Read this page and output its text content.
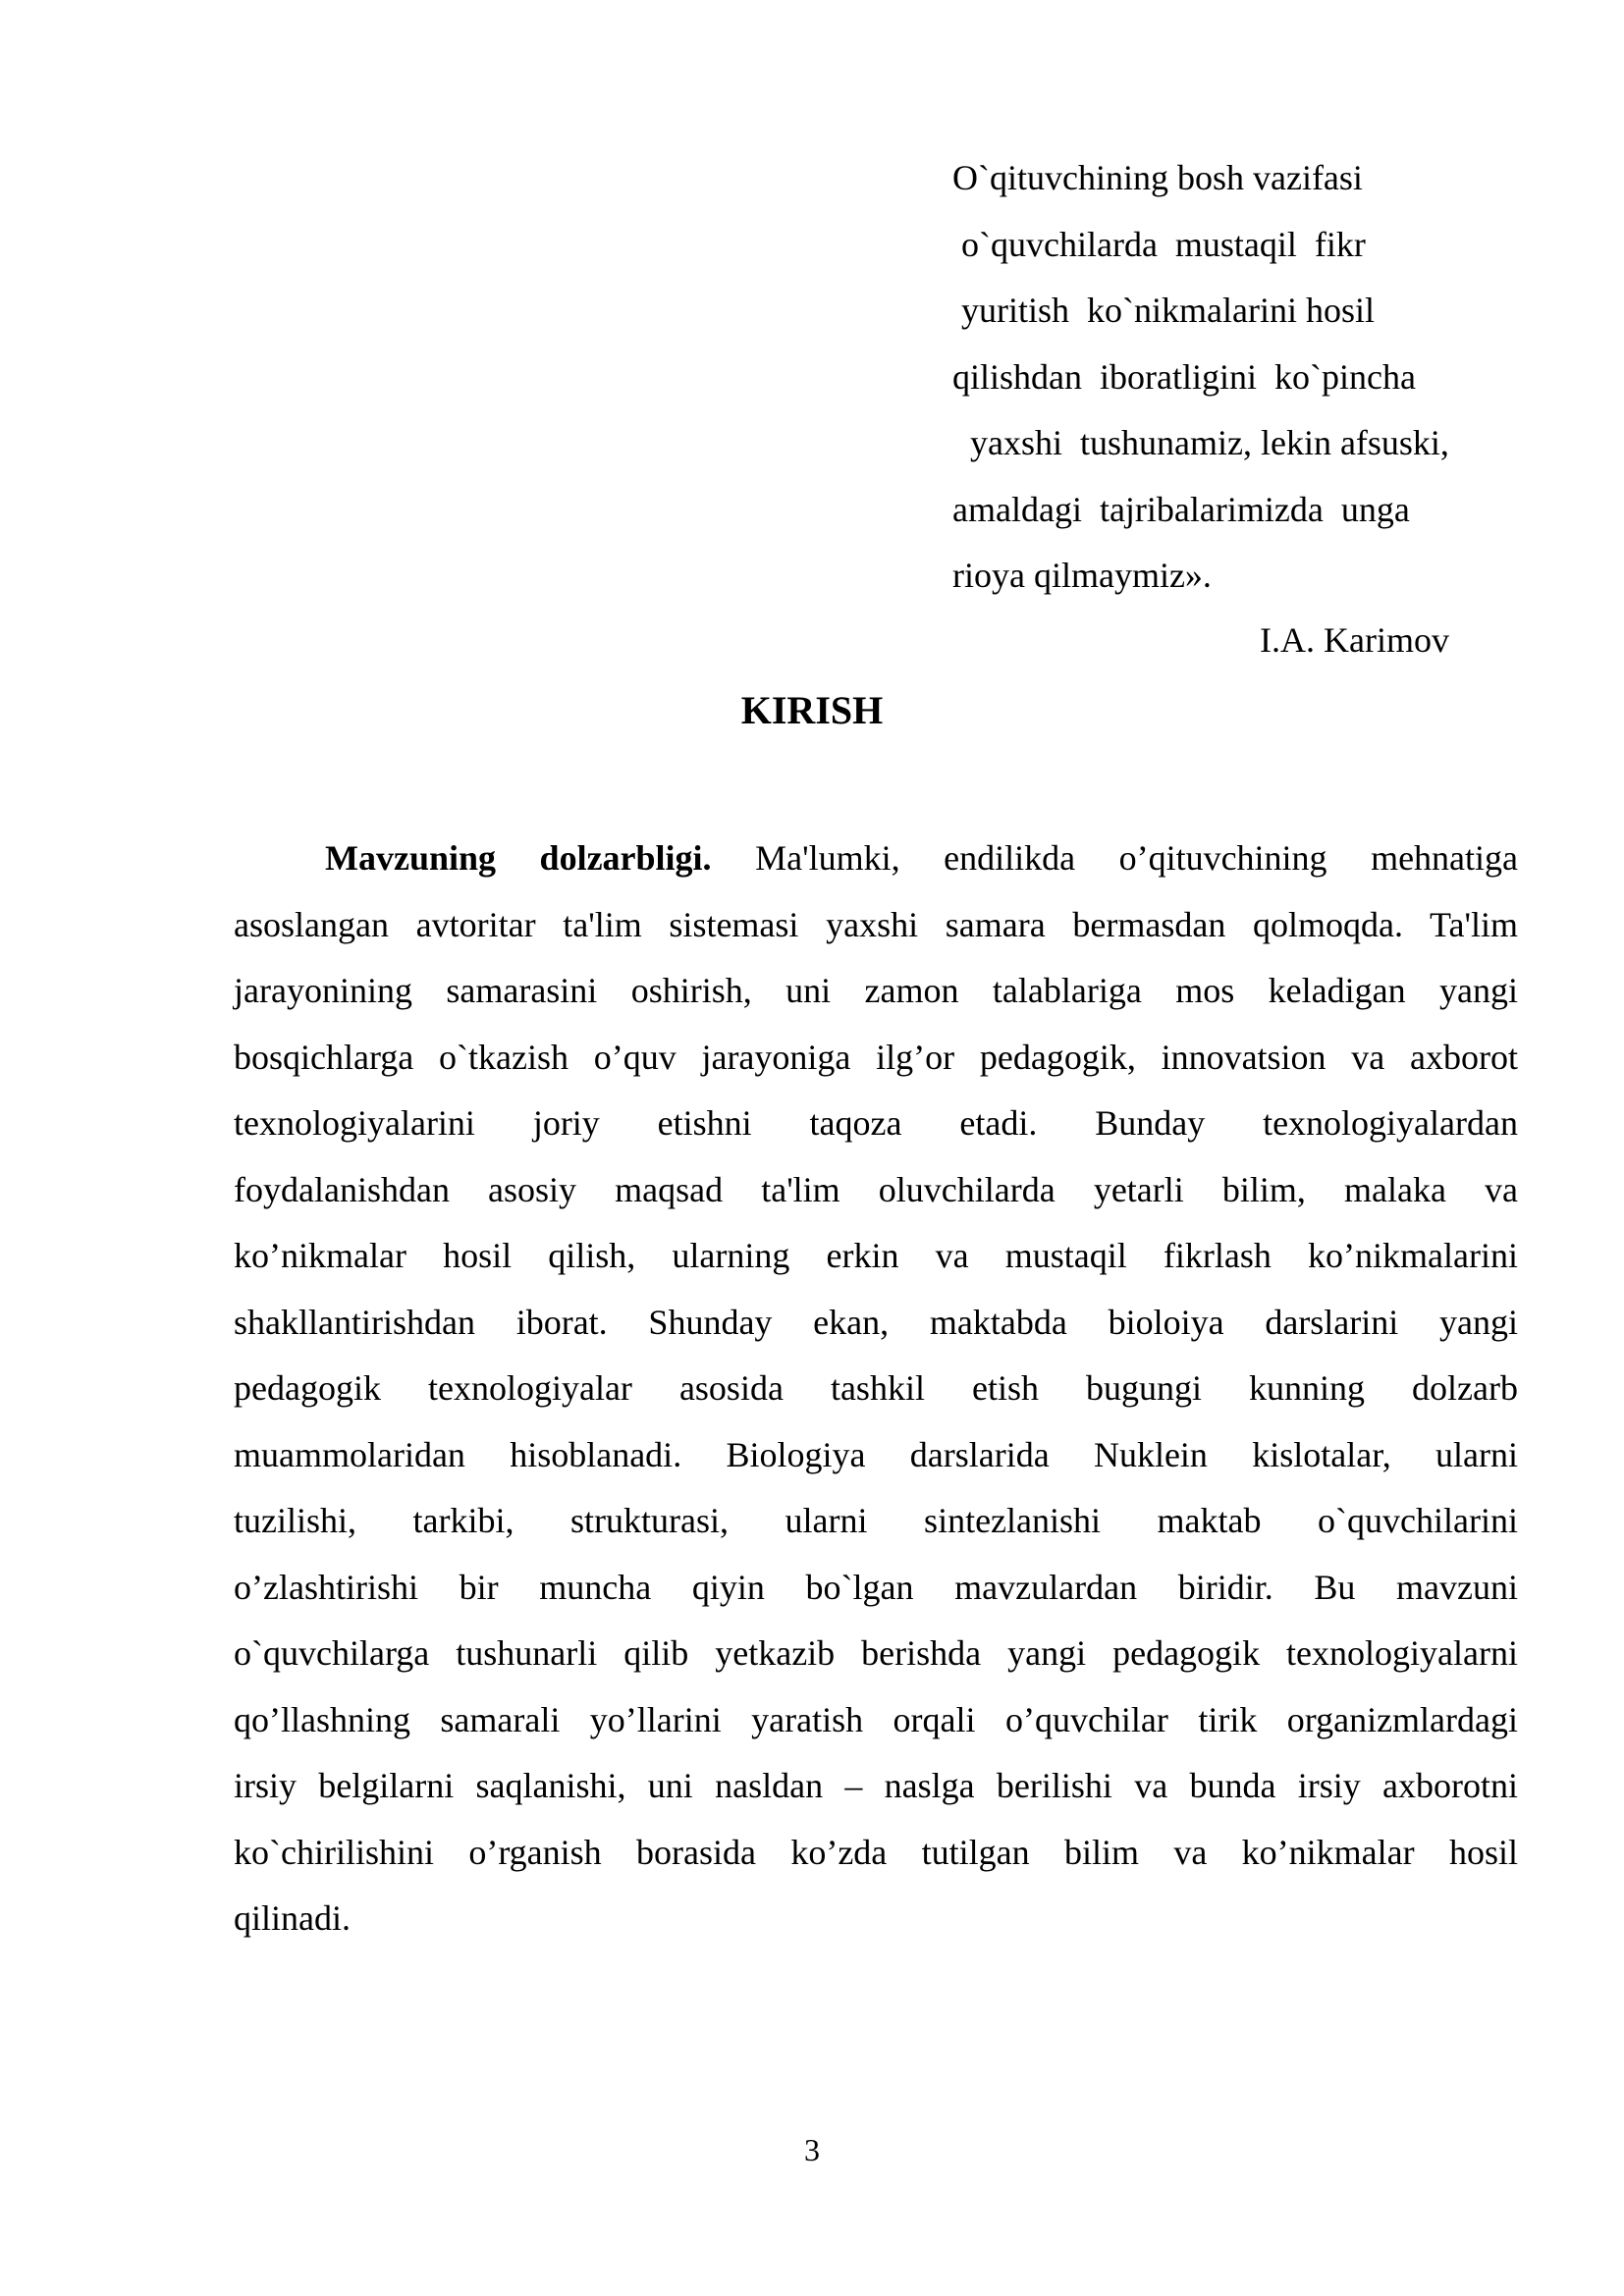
O`qituvchining bosh vazifasi
o`quvchilarda  mustaqil  fikr
yuritish  ko`nikmalarini hosil
qilishdan  iboratligini  ko`pincha
yaxshi  tushunamiz, lekin afsuski,
amaldagi  tajribalarimizda  unga
rioya qilmaymiz».
I.A. Karimov
KIRISH
Mavzuning dolzarbligi. Ma'lumki, endilikda o’qituvchining mehnatiga
asoslangan avtoritar ta'lim sistemasi yaxshi samara bermasdan qolmoqda. Ta'lim
jarayonining samarasini oshirish, uni zamon talablariga mos keladigan yangi
bosqichlarga o`tkazish o’quv jarayoniga ilg’or pedagogik, innovatsion va axborot
texnologiyalarini joriy etishni taqoza etadi. Bunday texnologiyalardan
foydalanishdan asosiy maqsad ta'lim oluvchilarda yetarli bilim, malaka va
ko’nikmalar hosil qilish, ularning erkin va mustaqil fikrlash ko’nikmalarini
shakllantirishdan iborat. Shunday ekan, maktabda bioloiya darslarini yangi
pedagogik texnologiyalar asosida tashkil etish bugungi kunning dolzarb
muammolaridan hisoblanadi. Biologiya darslarida Nuklein kislotalar, ularni
tuzilishi, tarkibi, strukturasi, ularni sintezlanishi maktab o`quvchilarini
o’zlashtirishi bir muncha qiyin bo`lgan mavzulardan biridir. Bu mavzuni
o`quvchilarga tushunarli qilib yetkazib berishda yangi pedagogik texnologiyalarni
qo’llashning samarali yo’llarini yaratish orqali o’quvchilar tirik organizmlardagi
irsiy belgilarni saqlanishi, uni nasldan – naslga berilishi va bunda irsiy axborotni
ko`chirilishini o’rganish borasida ko’zda tutilgan bilim va ko’nikmalar hosil
qilinadi.
3
